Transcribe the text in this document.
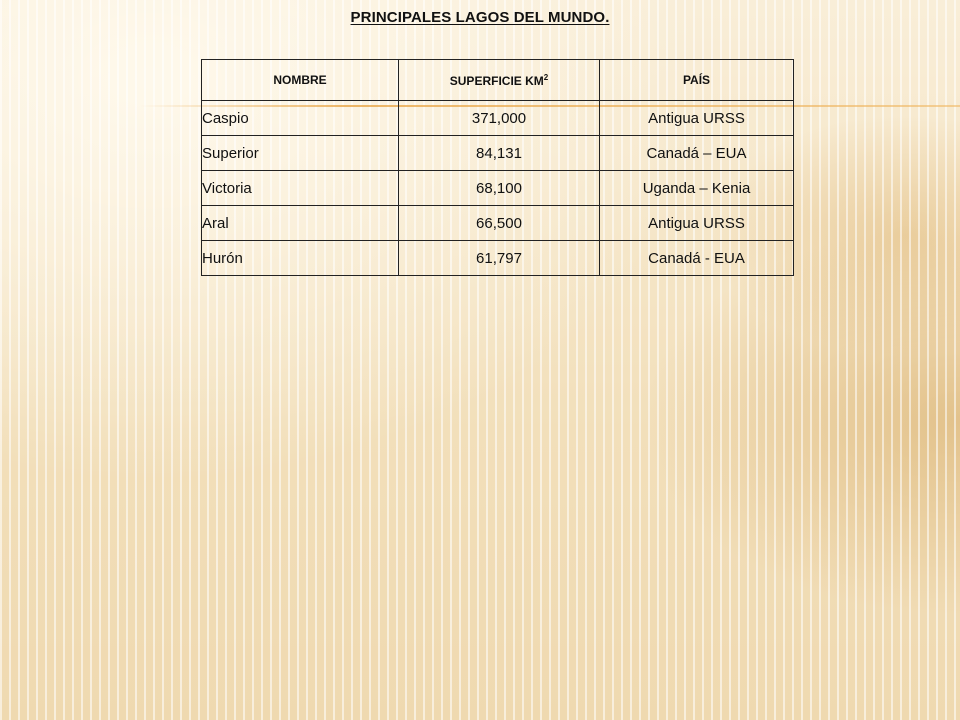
PRINCIPALES LAGOS DEL MUNDO.
NOMBRE	SUPERFICIE $KM^2$	PAÍS
Caspio	371,000	Antigua URSS
Superior	84,131	Canadá – EUA
Victoria	68,100	Uganda – Kenia
Aral	66,500	Antigua URSS
Hurón	61,797	Canadá - EUA
